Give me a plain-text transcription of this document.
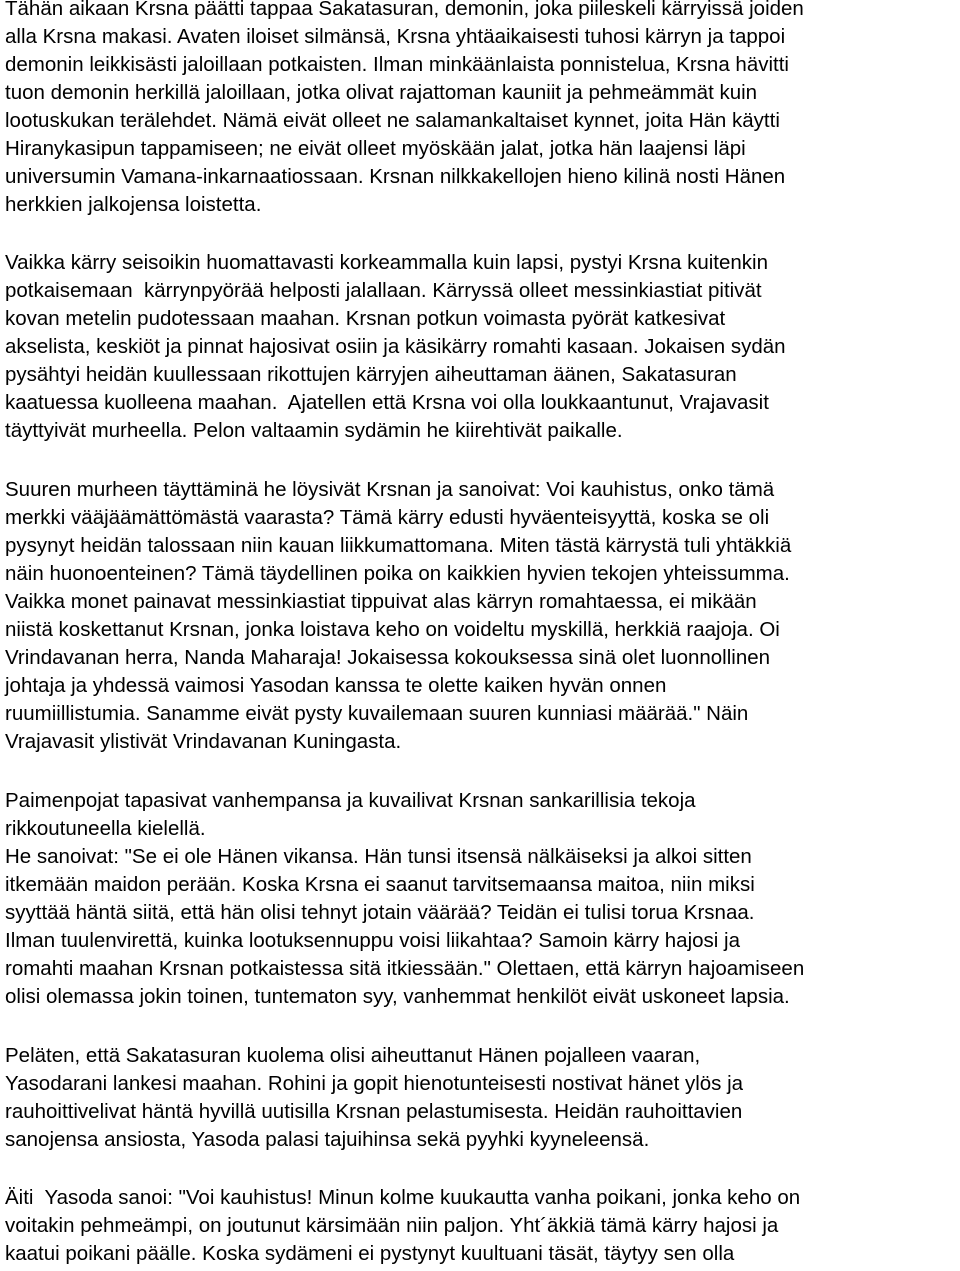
Tähän aikaan Krsna päätti tappaa Sakatasuran, demonin, joka piileskeli kärryissä joiden

alla Krsna makasi. Avaten iloiset silmänsä, Krsna yhtäaikaisesti tuhosi kärryn ja tappoi

demonin leikkisästi jaloillaan potkaisten. Ilman minkäänlaista ponnistelua, Krsna hävitti

tuon demonin herkillä jaloillaan, jotka olivat rajattoman kauniit ja pehmeämmät kuin

lootuskukan terälehdet. Nämä eivät olleet ne salamankaltaiset kynnet, joita Hän käytti

Hiranykasipun tappamiseen; ne eivät olleet myöskään jalat, jotka hän laajensi läpi

universumin Vamana-inkarnaatiossaan. Krsnan nilkkakellojen hieno kilinä nosti Hänen

herkkien jalkojensa loistetta.

Vaikka kärry seisoikin huomattavasti korkeammalla kuin lapsi, pystyi Krsna kuitenkin

potkaisemaan  kärrynpyörää helposti jalallaan. Kärryssä olleet messinkiastiat pitivät

kovan metelin pudotessaan maahan. Krsnan potkun voimasta pyörät katkesivat

akselista, keskiöt ja pinnat hajosivat osiin ja käsikärry romahti kasaan. Jokaisen sydän

pysähtyi heidän kuullessaan rikottujen kärryjen aiheuttaman äänen, Sakatasuran

kaatuessa kuolleena maahan.  Ajatellen että Krsna voi olla loukkaantunut, Vrajavasit

täyttyivät murheella. Pelon valtaamin sydämin he kiirehtivät paikalle.

Suuren murheen täyttäminä he löysivät Krsnan ja sanoivat: Voi kauhistus, onko tämä

merkki vääjäämättömästä vaarasta? Tämä kärry edusti hyväenteisyyttä, koska se oli

pysynyt heidän talossaan niin kauan liikkumattomana. Miten tästä kärrystä tuli yhtäkkiä

näin huonoenteinen? Tämä täydellinen poika on kaikkien hyvien tekojen yhteissumma.

Vaikka monet painavat messinkiastiat tippuivat alas kärryn romahtaessa, ei mikään

niistä koskettanut Krsnan, jonka loistava keho on voideltu myskillä, herkkiä raajoja. Oi

Vrindavanan herra, Nanda Maharaja! Jokaisessa kokouksessa sinä olet luonnollinen

johtaja ja yhdessä vaimosi Yasodan kanssa te olette kaiken hyvän onnen

ruumiillistumia. Sanamme eivät pysty kuvailemaan suuren kunniasi määrää." Näin

Vrajavasit ylistivät Vrindavanan Kuningasta.

Paimenpojat tapasivat vanhempansa ja kuvailivat Krsnan sankarillisia tekoja

rikkoutuneella kielellä.

He sanoivat: "Se ei ole Hänen vikansa. Hän tunsi itsensä nälkäiseksi ja alkoi sitten

itkemään maidon perään. Koska Krsna ei saanut tarvitsemaansa maitoa, niin miksi

syyttää häntä siitä, että hän olisi tehnyt jotain väärää? Teidän ei tulisi torua Krsnaa.

Ilman tuulenvirettä, kuinka lootuksennuppu voisi liikahtaa? Samoin kärry hajosi ja

romahti maahan Krsnan potkaistessa sitä itkiessään." Olettaen, että kärryn hajoamiseen

olisi olemassa jokin toinen, tuntematon syy, vanhemmat henkilöt eivät uskoneet lapsia.

Peläten, että Sakatasuran kuolema olisi aiheuttanut Hänen pojalleen vaaran,

Yasodarani lankesi maahan. Rohini ja gopit hienotunteisesti nostivat hänet ylös ja

rauhoittivelivat häntä hyvillä uutisilla Krsnan pelastumisesta. Heidän rauhoittavien

sanojensa ansiosta, Yasoda palasi tajuihinsa sekä pyyhki kyyneleensä.

Äiti  Yasoda sanoi: "Voi kauhistus! Minun kolme kuukautta vanha poikani, jonka keho on

voitakin pehmeämpi, on joutunut kärsimään niin paljon. Yht´äkkiä tämä kärry hajosi ja

kaatui poikani päälle. Koska sydämeni ei pystynyt kuultuani täsät, täytyy sen olla
